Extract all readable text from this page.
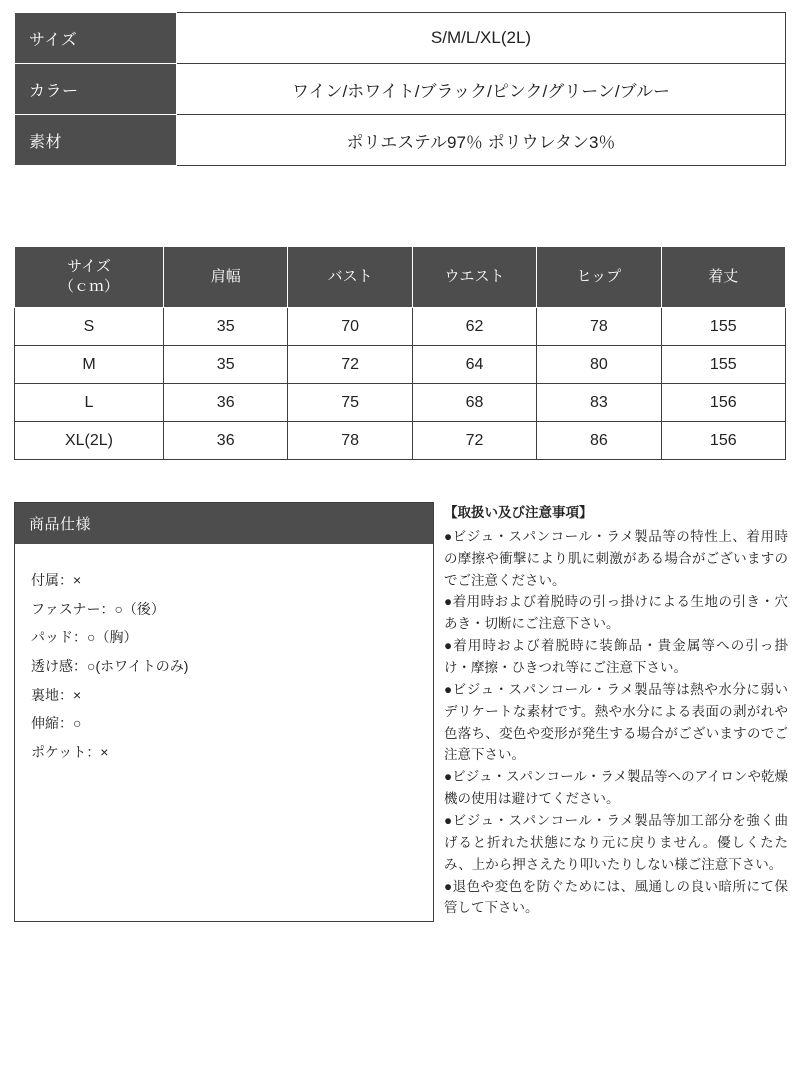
サイズ	S/M/L/XL(2L)
カラー	ワイン/ホワイト/ブラック/ピンク/グリーン/ブルー
素材	ポリエステル97％ ポリウレタン3％
サイズ
（ｃｍ）	肩幅	バスト	ウエスト	ヒップ	着丈
S	35	70	62	78	155
M	35	72	64	80	155
L	36	75	68	83	156
XL(2L)	36	78	72	86	156
商品仕様
付属：×
ファスナー：○（後）
パッド：○（胸）
透け感：○(ホワイトのみ)
裏地：×
伸縮：○
ポケット：×
【取扱い及び注意事項】

●ビジュ・スパンコール・ラメ製品等の特性上、着用時の摩擦や衝撃により肌に刺激がある場合がございますのでご注意ください。

●着用時および着脱時の引っ掛けによる生地の引き・穴あき・切断にご注意下さい。

●着用時および着脱時に装飾品・貴金属等への引っ掛け・摩擦・ひきつれ等にご注意下さい。

●ビジュ・スパンコール・ラメ製品等は熱や水分に弱いデリケートな素材です。熱や水分による表面の剥がれや色落ち、変色や変形が発生する場合がございますのでご注意下さい。

●ビジュ・スパンコール・ラメ製品等へのアイロンや乾燥機の使用は避けてください。

●ビジュ・スパンコール・ラメ製品等加工部分を強く曲げると折れた状態になり元に戻りません。優しくたたみ、上から押さえたり叩いたりしない様ご注意下さい。

●退色や変色を防ぐためには、風通しの良い暗所にて保管して下さい。
